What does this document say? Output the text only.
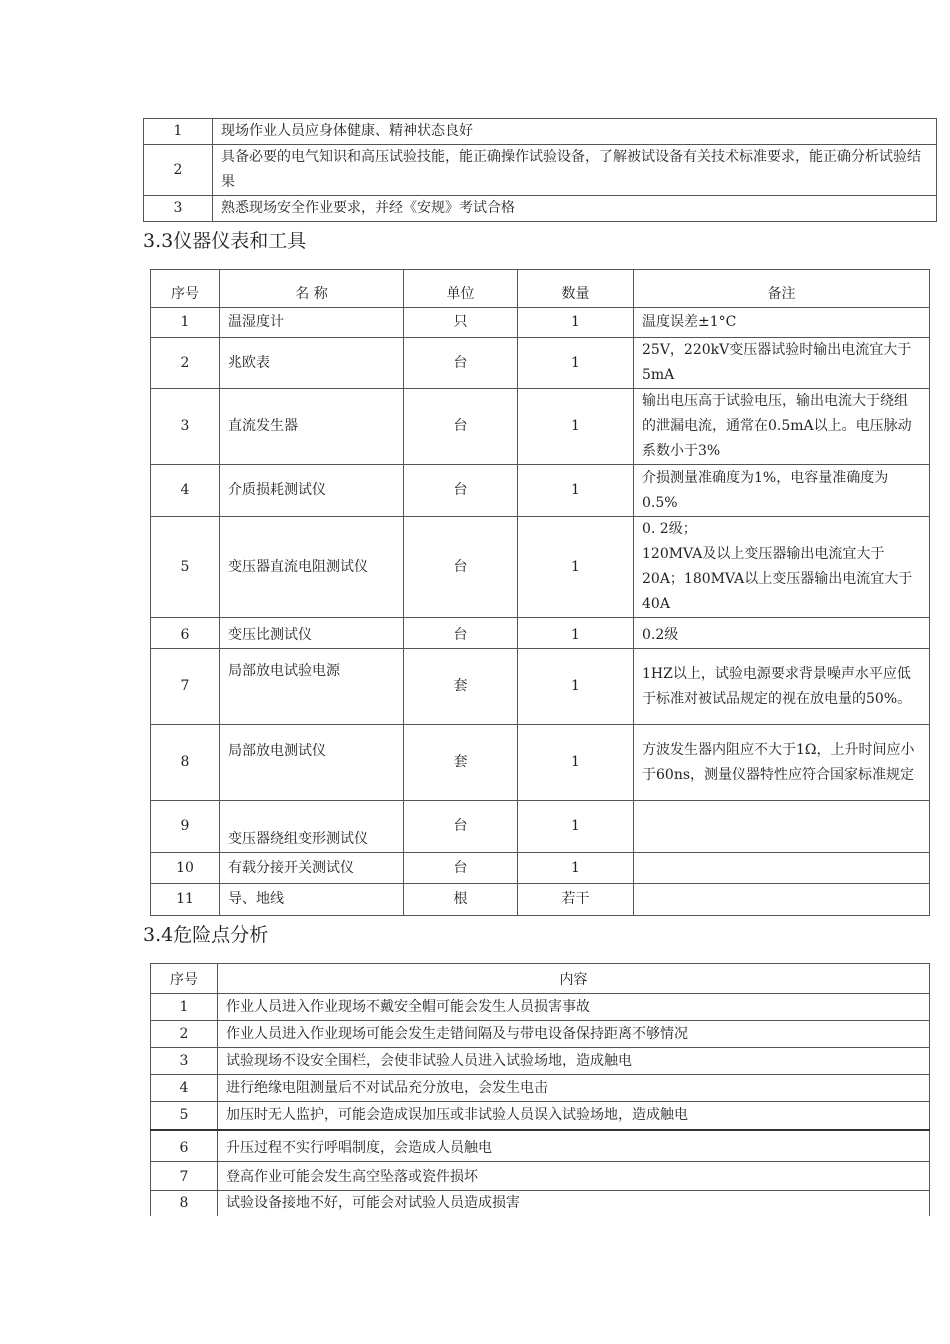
1	现场作业人员应身体健康、精神状态良好
2	具备必要的电气知识和高压试验技能，能正确操作试验设备，了解被试设备有关技术标准要求，能正确分析试验结果
3	熟悉现场安全作业要求，并经《安规》考试合格
3.3仪器仪表和工具
序号	名 称	单位	数量	备注
1	温湿度计	只	1	温度误差±1°C
2	兆欧表	台	1	25V，220kV变压器试验时输出电流宜大于5mA
3	直流发生器	台	1	输出电压高于试验电压，输出电流大于绕组的泄漏电流，通常在0.5mA以上。电压脉动系数小于3%
4	介质损耗测试仪	台	1	介损测量准确度为1%，电容量准确度为0.5%
5	变压器直流电阻测试仪	台	1	0. 2级；
120MVA及以上变压器输出电流宜大于20A；180MVA以上变压器输出电流宜大于40A
6	变压比测试仪	台	1	0.2级
7	局部放电试验电源	套	1	1HZ以上，试验电源要求背景噪声水平应低于标准对被试品规定的视在放电量的50%。
8	局部放电测试仪	套	1	方波发生器内阻应不大于1Ω，上升时间应小于60ns，测量仪器特性应符合国家标准规定
9	变压器绕组变形测试仪	台	1	
10	有载分接开关测试仪	台	1	
11	导、地线	根	若干	
3.4危险点分析
序号	内容
1	作业人员进入作业现场不戴安全帽可能会发生人员损害事故
2	作业人员进入作业现场可能会发生走错间隔及与带电设备保持距离不够情况
3	试验现场不设安全围栏，会使非试验人员进入试验场地，造成触电
4	进行绝缘电阻测量后不对试品充分放电，会发生电击
5	加压时无人监护，可能会造成误加压或非试验人员误入试验场地，造成触电
6	升压过程不实行呼唱制度，会造成人员触电
7	登高作业可能会发生高空坠落或瓷件损坏
8	试验设备接地不好，可能会对试验人员造成损害
